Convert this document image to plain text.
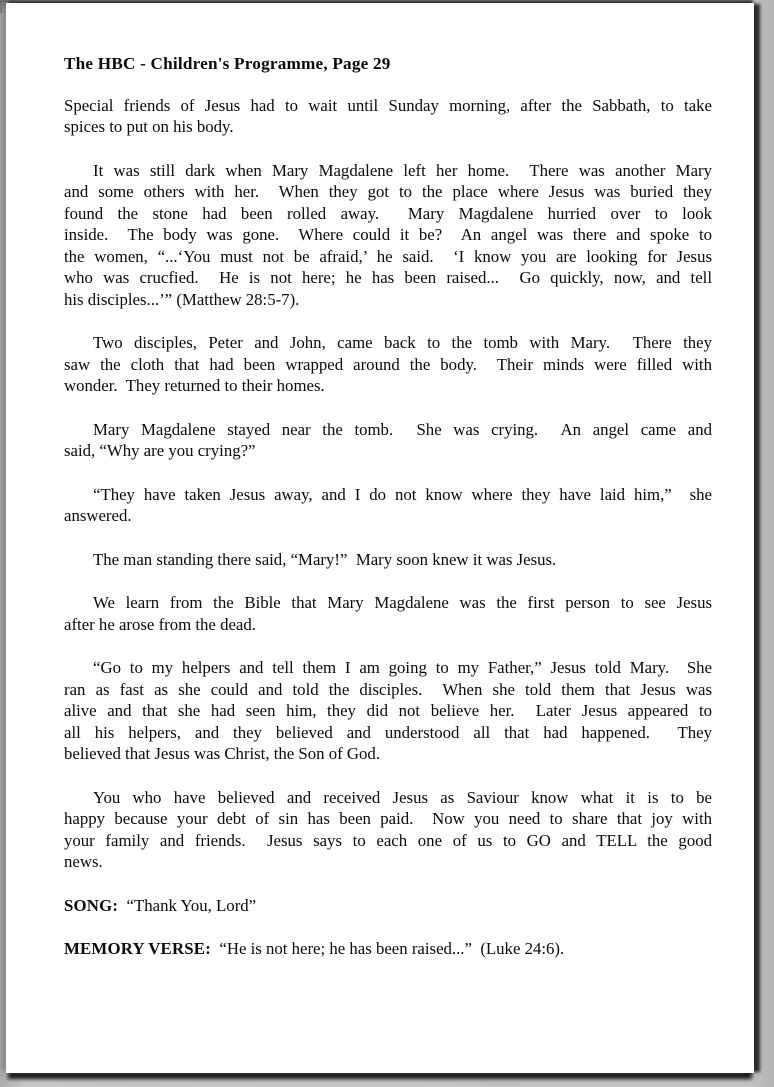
The HBC - Children's Programme, Page 29
Special friends of Jesus had to wait until Sunday morning, after the Sabbath, to take
spices to put on his body.
It was still dark when Mary Magdalene left her home.  There was another Mary
and some others with her.  When they got to the place where Jesus was buried they
found the stone had been rolled away.  Mary Magdalene hurried over to look
inside.  The body was gone.  Where could it be?  An angel was there and spoke to
the women, “...‘You must not be afraid,’ he said.  ‘I know you are looking for Jesus
who was crucfied.  He is not here; he has been raised...  Go quickly, now, and tell
his disciples...’” (Matthew 28:5-7).
Two disciples, Peter and John, came back to the tomb with Mary.  There they
saw the cloth that had been wrapped around the body.  Their minds were filled with
wonder.  They returned to their homes.
Mary Magdalene stayed near the tomb.  She was crying.  An angel came and
said, “Why are you crying?”
“They have taken Jesus away, and I do not know where they have laid him,”  she
answered.
The man standing there said, “Mary!”  Mary soon knew it was Jesus.
We learn from the Bible that Mary Magdalene was the first person to see Jesus
after he arose from the dead.
“Go to my helpers and tell them I am going to my Father,” Jesus told Mary.  She
ran as fast as she could and told the disciples.  When she told them that Jesus was
alive and that she had seen him, they did not believe her.  Later Jesus appeared to
all his helpers, and they believed and understood all that had happened.  They
believed that Jesus was Christ, the Son of God.
You who have believed and received Jesus as Saviour know what it is to be
happy because your debt of sin has been paid.  Now you need to share that joy with
your family and friends.  Jesus says to each one of us to GO and TELL the good
news.
SONG:  “Thank You, Lord”
MEMORY VERSE:  “He is not here; he has been raised...”  (Luke 24:6).
